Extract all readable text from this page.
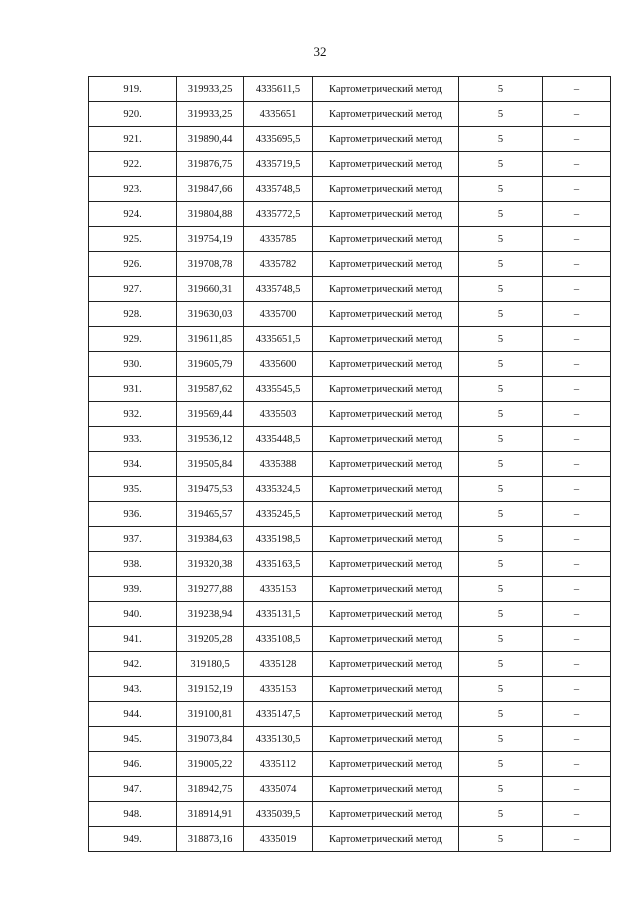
32
919.	319933,25	4335611,5	Картометрический метод	5	–
920.	319933,25	4335651	Картометрический метод	5	–
921.	319890,44	4335695,5	Картометрический метод	5	–
922.	319876,75	4335719,5	Картометрический метод	5	–
923.	319847,66	4335748,5	Картометрический метод	5	–
924.	319804,88	4335772,5	Картометрический метод	5	–
925.	319754,19	4335785	Картометрический метод	5	–
926.	319708,78	4335782	Картометрический метод	5	–
927.	319660,31	4335748,5	Картометрический метод	5	–
928.	319630,03	4335700	Картометрический метод	5	–
929.	319611,85	4335651,5	Картометрический метод	5	–
930.	319605,79	4335600	Картометрический метод	5	–
931.	319587,62	4335545,5	Картометрический метод	5	–
932.	319569,44	4335503	Картометрический метод	5	–
933.	319536,12	4335448,5	Картометрический метод	5	–
934.	319505,84	4335388	Картометрический метод	5	–
935.	319475,53	4335324,5	Картометрический метод	5	–
936.	319465,57	4335245,5	Картометрический метод	5	–
937.	319384,63	4335198,5	Картометрический метод	5	–
938.	319320,38	4335163,5	Картометрический метод	5	–
939.	319277,88	4335153	Картометрический метод	5	–
940.	319238,94	4335131,5	Картометрический метод	5	–
941.	319205,28	4335108,5	Картометрический метод	5	–
942.	319180,5	4335128	Картометрический метод	5	–
943.	319152,19	4335153	Картометрический метод	5	–
944.	319100,81	4335147,5	Картометрический метод	5	–
945.	319073,84	4335130,5	Картометрический метод	5	–
946.	319005,22	4335112	Картометрический метод	5	–
947.	318942,75	4335074	Картометрический метод	5	–
948.	318914,91	4335039,5	Картометрический метод	5	–
949.	318873,16	4335019	Картометрический метод	5	–
